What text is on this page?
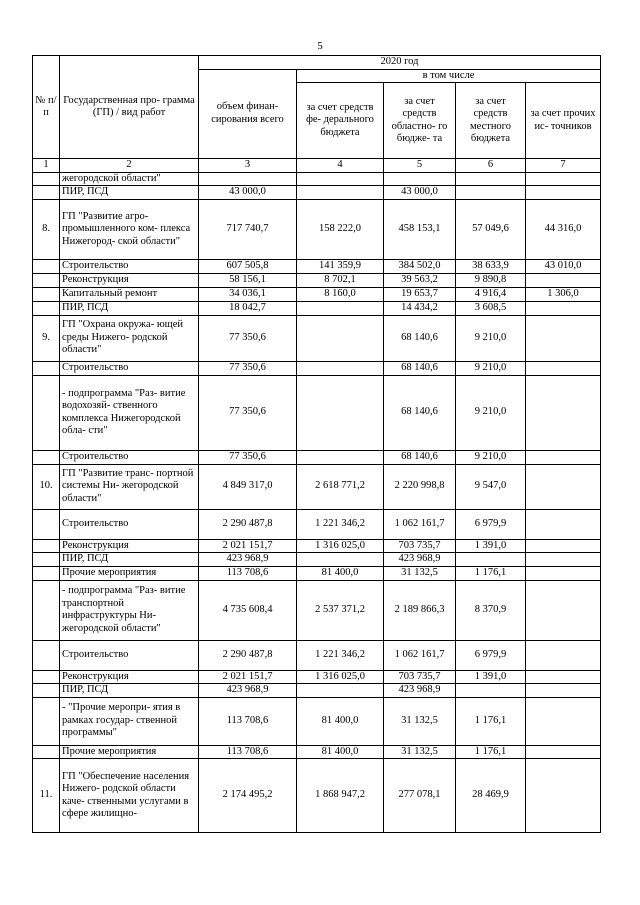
5
№ п/ п	Государственная про- грамма (ГП) / вид работ	2020 год				
		объем финан- сирования всего	в том числе			
			за счет средств фе- дерального бюджета	за счет средств областно- го бюдже- та	за счет средств местного бюджета	за счет прочих ис- точников
1	2	3	4	5	6	7
	жегородской области"					
	ПИР, ПСД	43 000,0		43 000,0		
8.	ГП "Развитие агро- промышленного ком- плекса Нижегород- ской области"	717 740,7	158 222,0	458 153,1	57 049,6	44 316,0
	Строительство	607 505,8	141 359,9	384 502,0	38 633,9	43 010,0
	Реконструкция	58 156,1	8 702,1	39 563,2	9 890,8	
	Капитальный ремонт	34 036,1	8 160,0	19 653,7	4 916,4	1 306,0
	ПИР, ПСД	18 042,7		14 434,2	3 608,5	
9.	ГП "Охрана окружа- ющей среды Нижего- родской области"	77 350,6		68 140,6	9 210,0	
	Строительство	77 350,6		68 140,6	9 210,0	
	- подпрограмма "Раз- витие водохозяй- ственного комплекса Нижегородской обла- сти"	77 350,6		68 140,6	9 210,0	
	Строительство	77 350,6		68 140,6	9 210,0	
10.	ГП "Развитие транс- портной системы Ни- жегородской области"	4 849 317,0	2 618 771,2	2 220 998,8	9 547,0	
	Строительство	2 290 487,8	1 221 346,2	1 062 161,7	6 979,9	
	Реконструкция	2 021 151,7	1 316 025,0	703 735,7	1 391,0	
	ПИР, ПСД	423 968,9		423 968,9		
	Прочие мероприятия	113 708,6	81 400,0	31 132,5	1 176,1	
	- подпрограмма "Раз- витие транспортной инфраструктуры Ни- жегородской области"	4 735 608,4	2 537 371,2	2 189 866,3	8 370,9	
	Строительство	2 290 487,8	1 221 346,2	1 062 161,7	6 979,9	
	Реконструкция	2 021 151,7	1 316 025,0	703 735,7	1 391,0	
	ПИР, ПСД	423 968,9		423 968,9		
	- "Прочие меропри- ятия в рамках государ- ственной программы"	113 708,6	81 400,0	31 132,5	1 176,1	
	Прочие мероприятия	113 708,6	81 400,0	31 132,5	1 176,1	
11.	ГП "Обеспечение населения Нижего- родской области каче- ственными услугами в сфере жилищно-	2 174 495,2	1 868 947,2	277 078,1	28 469,9	
